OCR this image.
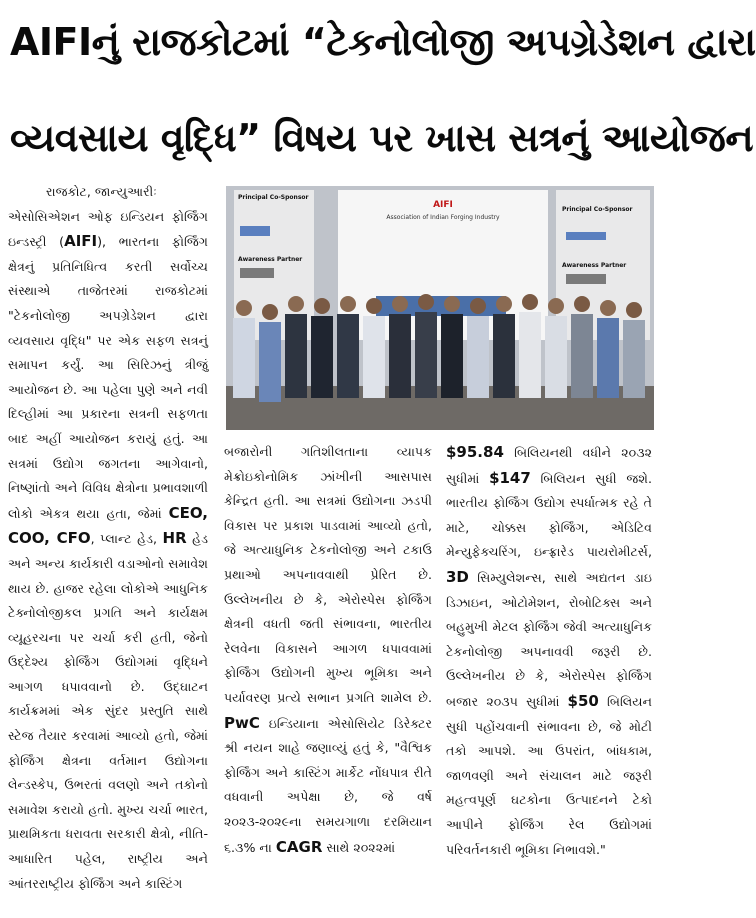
AIFIનું રાજકોટમાં “ટેકનોલોજી અપગ્રેડેશન દ્વારા
વ્યવસાય વૃદ્ધિ” વિષય પર ખાસ સત્રનું આયોજન
AIFI
Association of Indian Forging Industry
Principal Co-Sponsor
Principal Co-Sponsor
Awareness Partner
Awareness Partner

રાજકોટ, જાન્યુઆરીઃ

એસોસિએશન ઓફ ઇન્ડિયન ફોર્જિંગ ઇન્ડસ્ટ્રી (AIFI), ભારતના ફોર્જિંગ ક્ષેત્રનું પ્રતિનિધિત્વ કરતી સર્વોચ્ચ સંસ્થાએ તાજેતરમાં રાજકોટમાં "ટેકનોલોજી અપગ્રેડેશન દ્વારા વ્યવસાય વૃદ્ધિ" પર એક સફળ સત્રનું સમાપન કર્યું. આ સિરિઝનું ત્રીજું આયોજન છે. આ પહેલા પુણે અને નવી દિલ્હીમાં આ પ્રકારના સત્રની સફળતા બાદ અહીં આયોજન કરાયું હતું. આ સત્રમાં ઉદ્યોગ જગતના આગેવાનો, નિષ્ણાંતો અને વિવિધ ક્ષેત્રોના પ્રભાવશાળી લોકો એકત્ર થયા હતા, જેમાં CEO, COO, CFO, પ્લાન્ટ હેડ, HR હેડ અને અન્ય કાર્યકારી વડાઓનો સમાવેશ થાય છે. હાજર રહેલા લોકોએ આધુનિક ટેક્નોલોજીકલ પ્રગતિ અને કાર્યક્ષમ વ્યૂહરચના પર ચર્ચા કરી હતી, જેનો ઉદ્દેશ્ય ફોર્જિંગ ઉદ્યોગમાં વૃદ્ધિને આગળ ધપાવવાનો છે. ઉદ્ઘાટન કાર્યક્રમમાં એક સુંદર પ્રસ્તુતિ સાથે સ્ટેજ તૈયાર કરવામાં આવ્યો હતો, જેમાં ફોર્જિંગ ક્ષેત્રના વર્તમાન ઉદ્યોગના લેન્ડસ્કેપ, ઉભરતાં વલણો અને તકોનો સમાવેશ કરાયો હતો. મુખ્ય ચર્ચા ભારત, પ્રાથમિકતા ધરાવતા સરકારી ક્ષેત્રો, નીતિ-આધારિત પહેલ, રાષ્ટ્રીય અને આંતરરાષ્ટ્રીય ફોર્જિંગ અને કાસ્ટિંગ

બજારોની ગતિશીલતાના વ્યાપક મેક્રોઇકોનોમિક ઝાંખીની આસપાસ કેન્દ્રિત હતી. આ સત્રમાં ઉદ્યોગના ઝડપી વિકાસ પર પ્રકાશ પાડવામાં આવ્યો હતો, જે અત્યાધુનિક ટેકનોલોજી અને ટકાઉ પ્રથાઓ અપનાવવાથી પ્રેરિત છે. ઉલ્લેખનીય છે કે, એરોસ્પેસ ફોર્જિંગ ક્ષેત્રની વધતી જતી સંભાવના, ભારતીય રેલવેના વિકાસને આગળ ધપાવવામાં ફોર્જિંગ ઉદ્યોગની મુખ્ય ભૂમિકા અને પર્યાવરણ પ્રત્યે સભાન પ્રગતિ શામેલ છે. PwC ઇન્ડિયાના એસોસિયેટ ડિરેક્ટર શ્રી નયન શાહે જણાવ્યું હતું કે, "વૈશ્વિક ફોર્જિંગ અને કાસ્ટિંગ માર્કેટ નોંધપાત્ર રીતે વધવાની અપેક્ષા છે, જે વર્ષ ૨૦૨૩-૨૦૨૯ના સમયગાળા દરમિયાન ૬.૩% ના CAGR સાથે ૨૦૨૨માં

$95.84 બિલિયનથી વધીને ૨૦૩૨ સુધીમાં $147 બિલિયન સુધી જશે. ભારતીય ફોર્જિંગ ઉદ્યોગ સ્પર્ધાત્મક રહે તે માટે, ચોક્કસ ફોર્જિંગ, એડિટિવ મેન્યુફેક્ચરિંગ, ઇન્ફ્રારેડ પાયરોમીટર્સ, 3D સિમ્યુલેશન્સ, સાથે અદ્યતન ડાઇ ડિઝાઇન, ઓટોમેશન, રોબોટિક્સ અને બહુમુખી મેટલ ફોર્જિંગ જેવી અત્યાધુનિક ટેકનોલોજી અપનાવવી જરૂરી છે. ઉલ્લેખનીય છે કે, એરોસ્પેસ ફોર્જિંગ બજાર ૨૦૩૫ સુધીમાં $50 બિલિયન સુધી પહોંચવાની સંભાવના છે, જે મોટી તકો આપશે. આ ઉપરાંત, બાંધકામ, જાળવણી અને સંચાલન માટે જરૂરી મહત્વપૂર્ણ ઘટકોના ઉત્પાદનને ટેકો આપીને ફોર્જિંગ રેલ ઉદ્યોગમાં પરિવર્તનકારી ભૂમિકા નિભાવશે."
